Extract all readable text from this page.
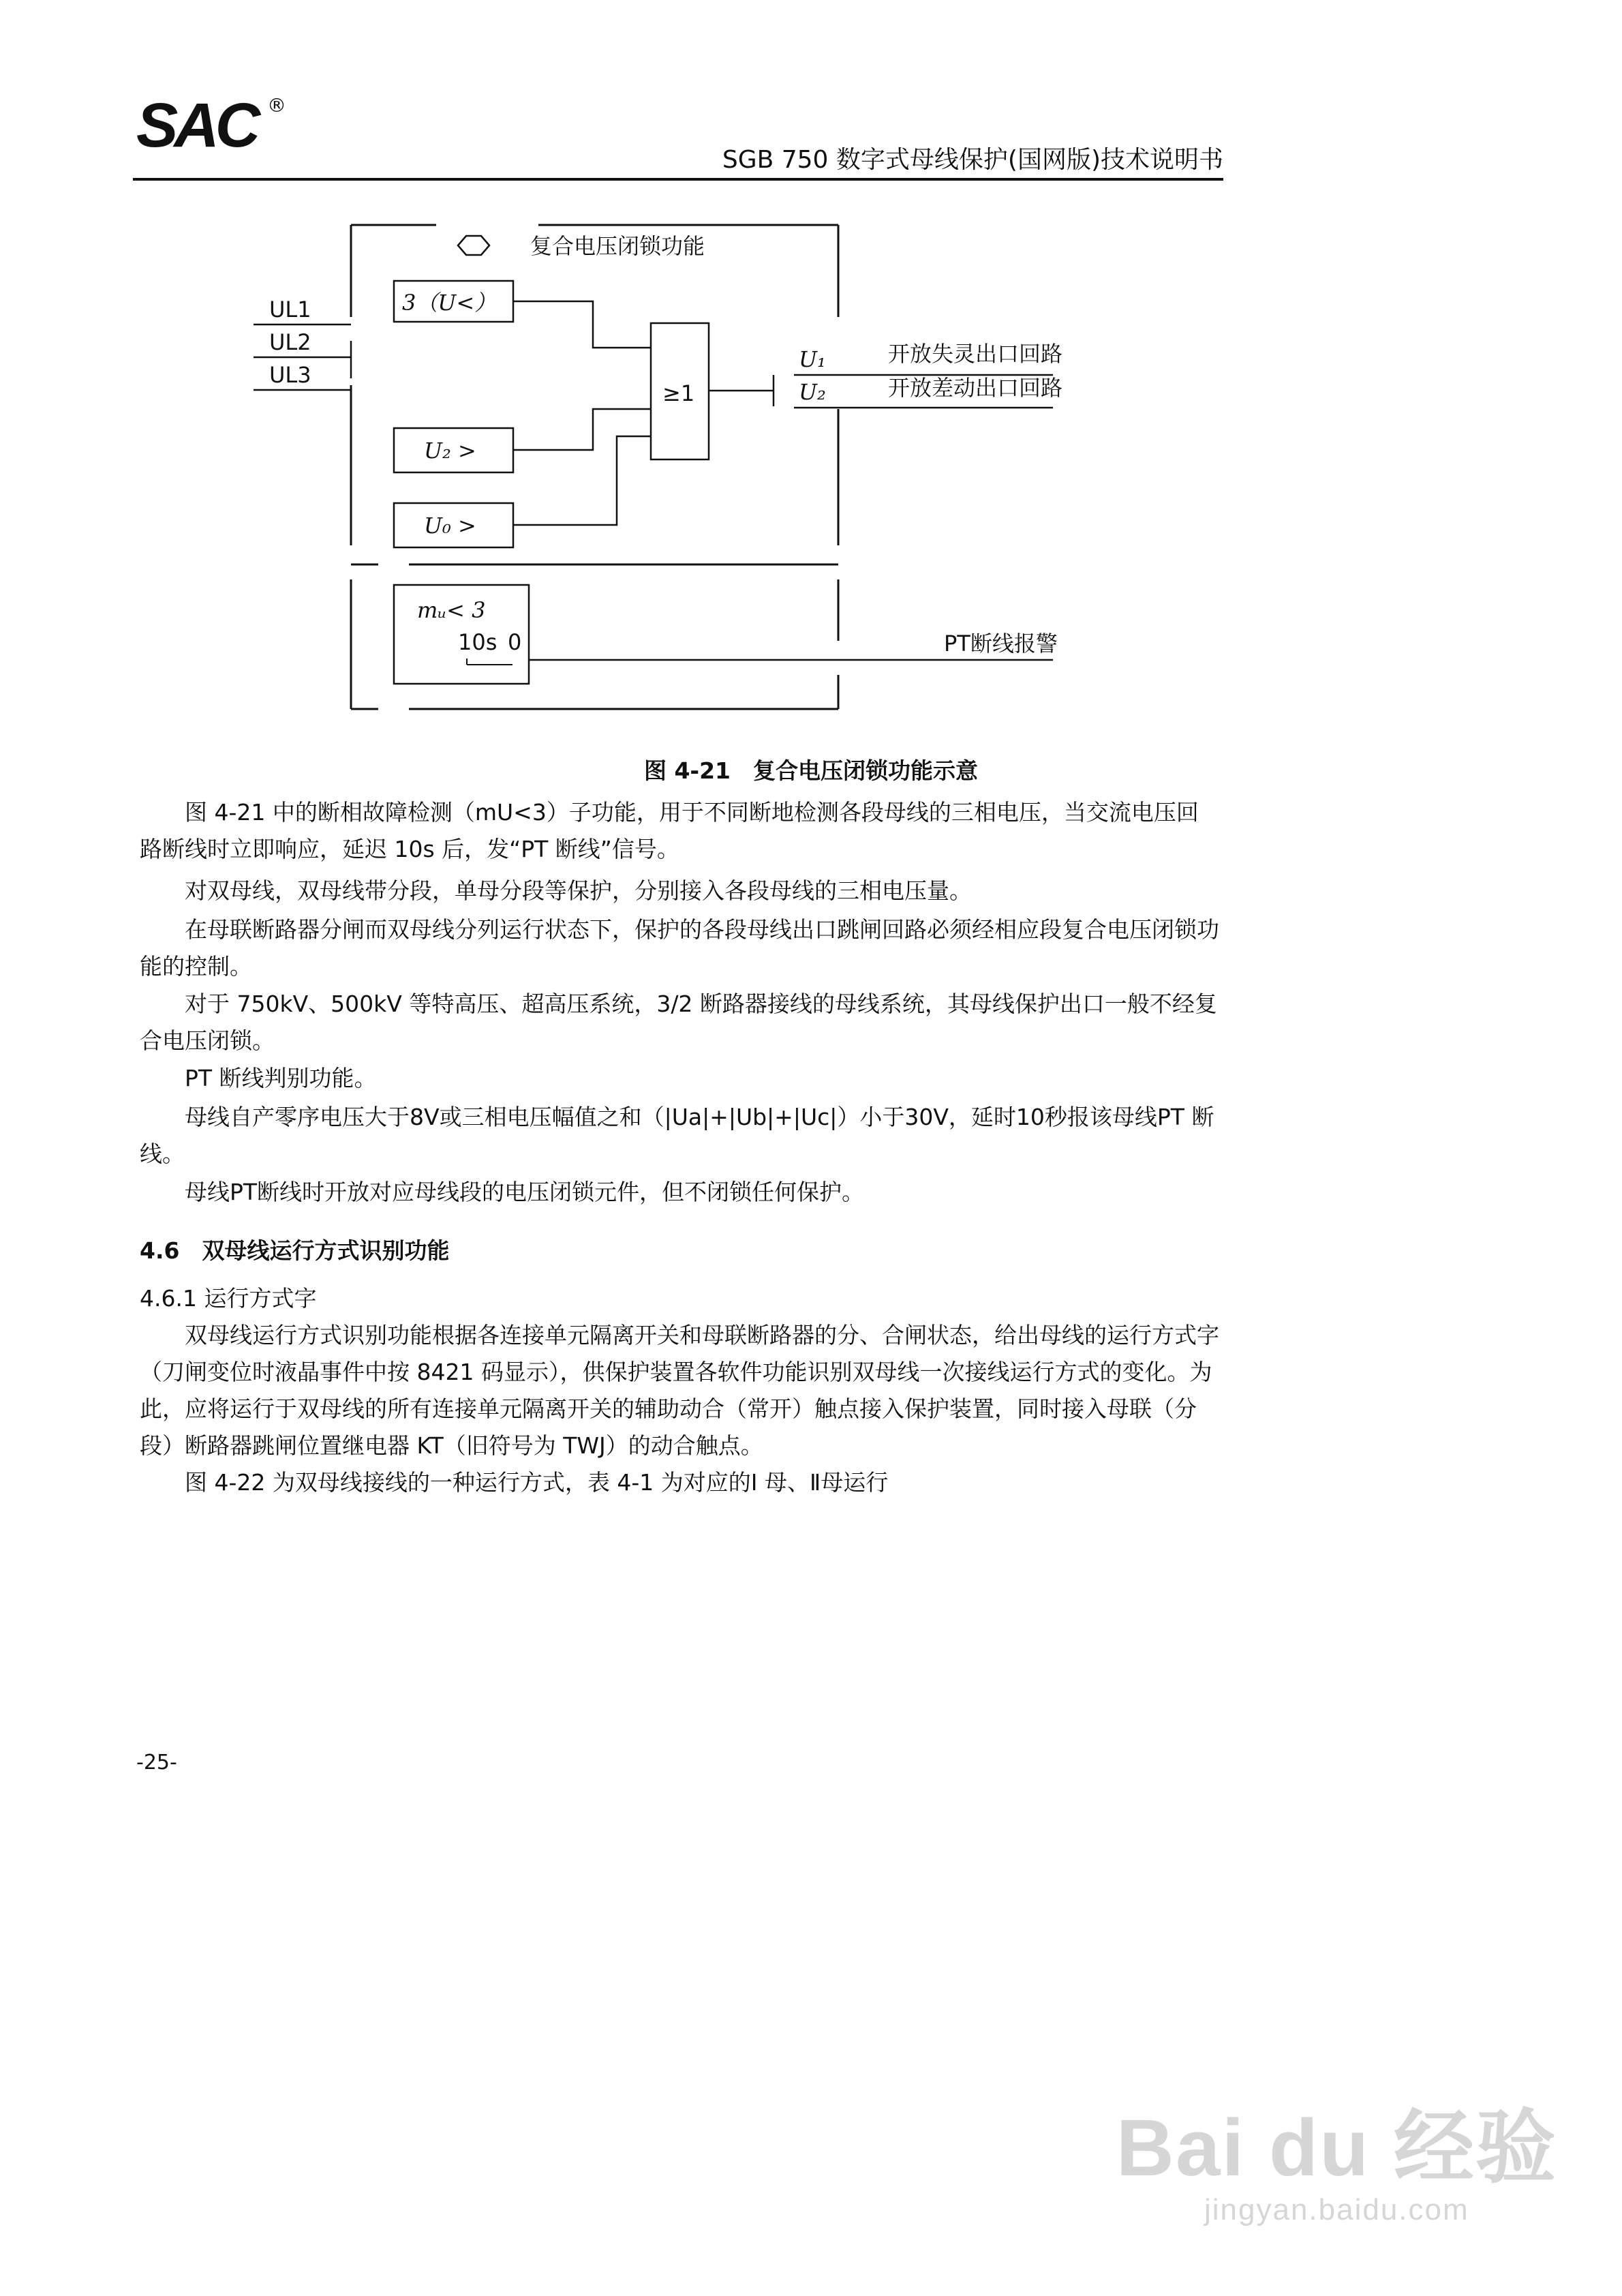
SAC ®
SGB 750 数字式母线保护(国网版)技术说明书
复合电压闭锁功能
UL1
UL2
UL3
3（U<）
U₂ >
U₀ >
≥1
U₁
U₂
开放失灵出口回路
开放差动出口回路
mᵤ< 3
10s 0	PT断线报警
图 4-21　复合电压闭锁功能示意
图 4-21 中的断相故障检测（mU<3）子功能，用于不同断地检测各段母线的三相电压，当交流电压回路断线时立即响应，延迟 10s 后，发“PT 断线”信号。
对双母线，双母线带分段，单母分段等保护，分别接入各段母线的三相电压量。
在母联断路器分闸而双母线分列运行状态下，保护的各段母线出口跳闸回路必须经相应段复合电压闭锁功能的控制。
对于 750kV、500kV 等特高压、超高压系统，3/2 断路器接线的母线系统，其母线保护出口一般不经复合电压闭锁。
PT 断线判别功能。
母线自产零序电压大于8V或三相电压幅值之和（|Ua|+|Ub|+|Uc|）小于30V，延时10秒报该母线PT 断线。
母线PT断线时开放对应母线段的电压闭锁元件，但不闭锁任何保护。
4.6　双母线运行方式识别功能
4.6.1 运行方式字
双母线运行方式识别功能根据各连接单元隔离开关和母联断路器的分、合闸状态，给出母线的运行方式字（刀闸变位时液晶事件中按 8421 码显示），供保护装置各软件功能识别双母线一次接线运行方式的变化。为此，应将运行于双母线的所有连接单元隔离开关的辅助动合（常开）触点接入保护装置，同时接入母联（分段）断路器跳闸位置继电器 KT（旧符号为 TWJ）的动合触点。
图 4-22 为双母线接线的一种运行方式，表 4-1 为对应的Ⅰ 母、Ⅱ母运行
-25-
Bai du 经验
jingyan.baidu.com
